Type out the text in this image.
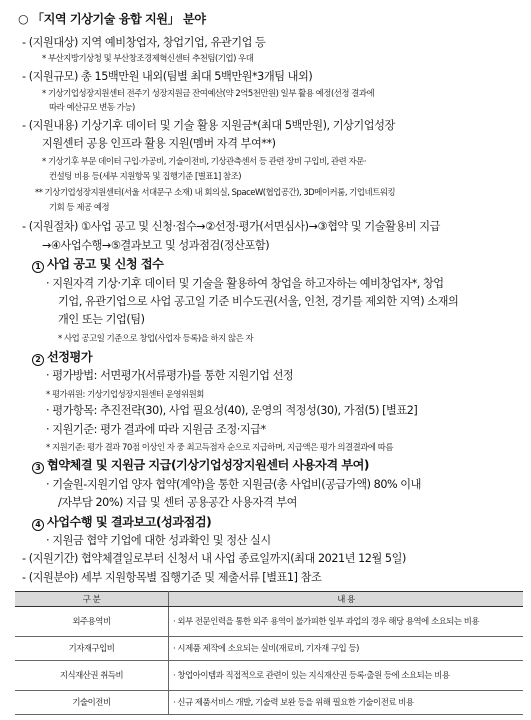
○ 「지역 기상기술 융합 지원」 분야
- (지원대상) 지역 예비창업자, 창업기업, 유관기업 등
* 부산지방기상청 및 부산창조경제혁신센터 추천팀(기업) 우대
- (지원규모) 총 15백만원 내외(팀별 최대 5백만원*3개팀 내외)
* 기상기업성장지원센터 전주기 성장지원금 잔여예산(약 2억5천만원) 일부 활용 예정(선정 결과에
따라 예산규모 변동 가능)
- (지원내용) 기상기후 데이터 및 기술 활용 지원금*(최대 5백만원), 기상기업성장
지원센터 공용 인프라 활용 지원(멤버 자격 부여**)
* 기상기후 부문 데이터 구입·가공비, 기술이전비, 기상관측센서 등 관련 장비 구입비, 관련 자문·
컨설팅 비용 등(세부 지원항목 및 집행기준 [별표1] 참조)
** 기상기업성장지원센터(서울 서대문구 소재) 내 회의실, SpaceW(협업공간), 3D메이커룸, 기업네트워킹
기회 등 제공 예정
- (지원절차) ①사업 공고 및 신청·접수→②선정·평가(서면심사)→③협약 및 기술활용비 지급
→④사업수행→⑤결과보고 및 성과점검(정산포함)
1 사업 공고 및 신청 접수
· 지원자격 기상·기후 데이터 및 기술을 활용하여 창업을 하고자하는 예비창업자*, 창업
기업, 유관기업으로 사업 공고일 기준 비수도권(서울, 인천, 경기를 제외한 지역) 소재의
개인 또는 기업(팀)
* 사업 공고일 기준으로 창업(사업자 등록)을 하지 않은 자
2 선정평가
· 평가방법: 서면평가(서류평가)를 통한 지원기업 선정
* 평가위원: 기상기업성장지원센터 운영위원회
· 평가항목: 추진전략(30), 사업 필요성(40), 운영의 적정성(30), 가점(5) [별표2]
· 지원기준: 평가 결과에 따라 지원금 조정·지급*
* 지원기준: 평가 결과 70점 이상인 자 중 최고득점자 순으로 지급하며, 지급액은 평가 의결결과에 따름
3 협약체결 및 지원금 지급(기상기업성장지원센터 사용자격 부여)
· 기술원-지원기업 양자 협약(계약)을 통한 지원금(총 사업비(공급가액) 80% 이내
/자부담 20%) 지급 및 센터 공용공간 사용자격 부여
4 사업수행 및 결과보고(성과점검)
· 지원금 협약 기업에 대한 성과확인 및 정산 실시
- (지원기간) 협약체결일로부터 신청서 내 사업 종료일까지(최대 2021년 12월 5일)
- (지원분야) 세부 지원항목별 집행기준 및 제출서류 [별표1] 참조
구 분	내 용
외주용역비	· 외부 전문인력을 통한 외주 용역이 불가피한 일부 과업의 경우 해당 용역에 소요되는 비용
기자재구입비	· 시제품 제작에 소요되는 실비(재료비, 기자재 구입 등)
지식재산권 취득비	· 창업아이템과 직접적으로 관련이 있는 지식재산권 등록·출원 등에 소요되는 비용
기술이전비	· 신규 제품서비스 개발, 기술력 보완 등을 위해 필요한 기술이전료 비용
